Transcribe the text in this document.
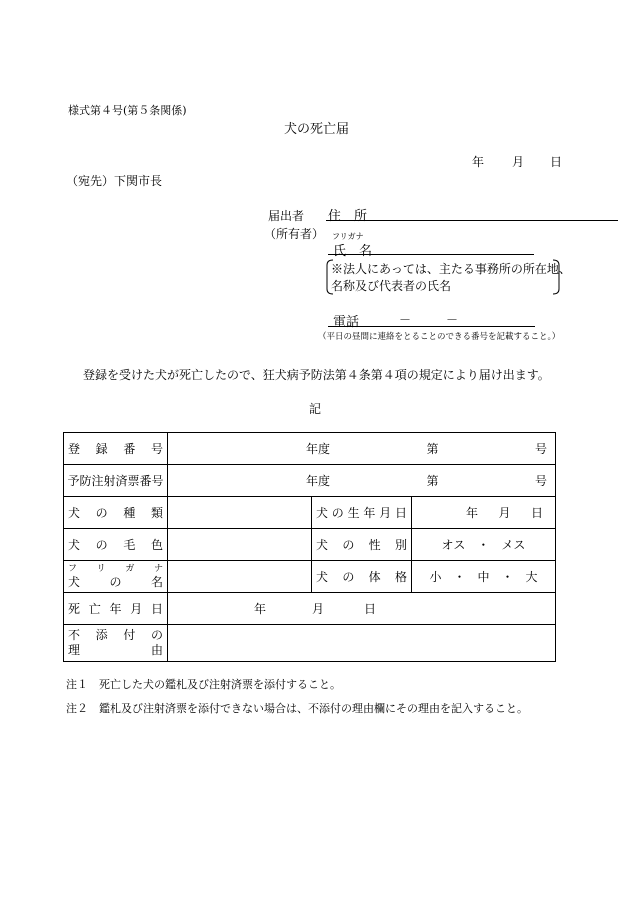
様式第４号(第５条関係)
犬の死亡届
年 月 日
（宛先）下関市長
届出者
（所有者）
住　所
フリガナ
氏　名
※法人にあっては、主たる事務所の所在地、
名称及び代表者の氏名
電話	－	－
（平日の昼間に連絡をとることのできる番号を記載すること。）
登録を受けた犬が死亡したので、狂犬病予防法第４条第４項の規定により届け出ます。
記
登　録　番　号	年度 第 号		

予防注射済票番号	年度 第 号		

犬　の　種　類		犬の生年月日	年 月 日

犬　の　毛　色		犬　の　性　別	オス　・　メス

フ　リ　ガ　ナ
犬　の　名		犬　の　体　格	小　・　中　・　大
死亡年月日	年 月 日		

不　添　付　の
理　　　　　由			

注１　死亡した犬の鑑札及び注射済票を添付すること。
注２　鑑札及び注射済票を添付できない場合は、不添付の理由欄にその理由を記入すること。
